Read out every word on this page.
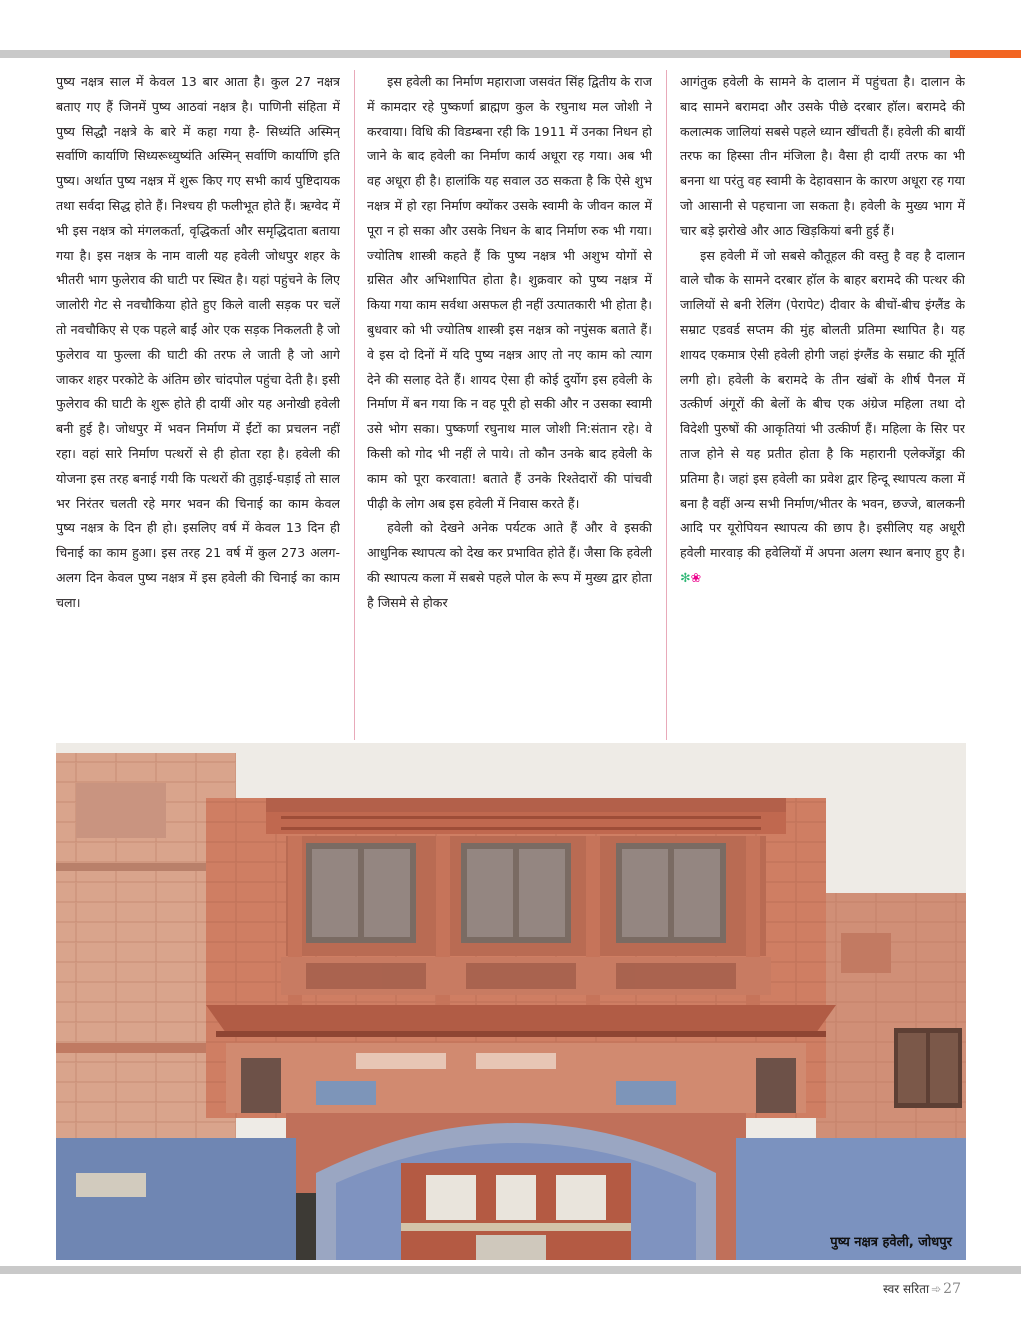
पुष्य नक्षत्र साल में केवल 13 बार आता है। कुल 27 नक्षत्र बताए गए हैं जिनमें पुष्य आठवां नक्षत्र है। पाणिनी संहिता में पुष्य सिद्धौ नक्षत्रे के बारे में कहा गया है- सिध्यंति अस्मिन् सर्वाणि कार्याणि सिध्यरूध्युष्यंति अस्मिन् सर्वाणि कार्याणि इति पुष्य। अर्थात पुष्य नक्षत्र में शुरू किए गए सभी कार्य पुष्टिदायक तथा सर्वदा सिद्ध होते हैं। निश्चय ही फलीभूत होते हैं। ऋग्वेद में भी इस नक्षत्र को मंगलकर्ता, वृद्धिकर्ता और समृद्धिदाता बताया गया है। इस नक्षत्र के नाम वाली यह हवेली जोधपुर शहर के भीतरी भाग फुलेराव की घाटी पर स्थित है। यहां पहुंचने के लिए जालोरी गेट से नवचौकिया होते हुए किले वाली सड़क पर चलें तो नवचौकिए से एक पहले बाईं ओर एक सड़क निकलती है जो फुलेराव या फुल्ला की घाटी की तरफ ले जाती है जो आगे जाकर शहर परकोटे के अंतिम छोर चांदपोल पहुंचा देती है। इसी फुलेराव की घाटी के शुरू होते ही दायीं ओर यह अनोखी हवेली बनी हुई है। जोधपुर में भवन निर्माण में ईंटों का प्रचलन नहीं रहा। वहां सारे निर्माण पत्थरों से ही होता रहा है। हवेली की योजना इस तरह बनाई गयी कि पत्थरों की तुड़ाई-घड़ाई तो साल भर निरंतर चलती रहे मगर भवन की चिनाई का काम केवल पुष्य नक्षत्र के दिन ही हो। इसलिए वर्ष में केवल 13 दिन ही चिनाई का काम हुआ। इस तरह 21 वर्ष में कुल 273 अलग-अलग दिन केवल पुष्य नक्षत्र में इस हवेली की चिनाई का काम चला।

इस हवेली का निर्माण महाराजा जसवंत सिंह द्वितीय के राज में कामदार रहे पुष्कर्णा ब्राह्मण कुल के रघुनाथ मल जोशी ने करवाया। विधि की विडम्बना रही कि 1911 में उनका निधन हो जाने के बाद हवेली का निर्माण कार्य अधूरा रह गया। अब भी वह अधूरा ही है। हालांकि यह सवाल उठ सकता है कि ऐसे शुभ नक्षत्र में हो रहा निर्माण क्योंकर उसके स्वामी के जीवन काल में पूरा न हो सका और उसके निधन के बाद निर्माण रुक भी गया। ज्योतिष शास्त्री कहते हैं कि पुष्य नक्षत्र भी अशुभ योगों से ग्रसित और अभिशापित होता है। शुक्रवार को पुष्य नक्षत्र में किया गया काम सर्वथा असफल ही नहीं उत्पातकारी भी होता है। बुधवार को भी ज्योतिष शास्त्री इस नक्षत्र को नपुंसक बताते हैं। वे इस दो दिनों में यदि पुष्य नक्षत्र आए तो नए काम को त्याग देने की सलाह देते हैं। शायद ऐसा ही कोई दुर्योग इस हवेली के निर्माण में बन गया कि न वह पूरी हो सकी और न उसका स्वामी उसे भोग सका। पुष्कर्णा रघुनाथ माल जोशी नि:संतान रहे। वे किसी को गोद भी नहीं ले पाये। तो कौन उनके बाद हवेली के काम को पूरा करवाता! बताते हैं उनके रिश्तेदारों की पांचवी पीढ़ी के लोग अब इस हवेली में निवास करते हैं।

हवेली को देखने अनेक पर्यटक आते हैं और वे इसकी आधुनिक स्थापत्य को देख कर प्रभावित होते हैं। जैसा कि हवेली की स्थापत्य कला में सबसे पहले पोल के रूप में मुख्य द्वार होता है जिसमे से होकर

आगंतुक हवेली के सामने के दालान में पहुंचता है। दालान के बाद सामने बरामदा और उसके पीछे दरबार हॉल। बरामदे की कलात्मक जालियां सबसे पहले ध्यान खींचती हैं। हवेली की बायीं तरफ का हिस्सा तीन मंजिला है। वैसा ही दायीं तरफ का भी बनना था परंतु वह स्वामी के देहावसान के कारण अधूरा रह गया जो आसानी से पहचाना जा सकता है। हवेली के मुख्य भाग में चार बड़े झरोखे और आठ खिड़कियां बनी हुई हैं।

इस हवेली में जो सबसे कौतूहल की वस्तु है वह है दालान वाले चौक के सामने दरबार हॉल के बाहर बरामदे की पत्थर की जालियों से बनी रेलिंग (पेरापेट) दीवार के बीचों-बीच इंग्लैंड के सम्राट एडवर्ड सप्तम की मुंह बोलती प्रतिमा स्थापित है। यह शायद एकमात्र ऐसी हवेली होगी जहां इंग्लैंड के सम्राट की मूर्ति लगी हो। हवेली के बरामदे के तीन खंबों के शीर्ष पैनल में उत्कीर्ण अंगूरों की बेलों के बीच एक अंग्रेज महिला तथा दो विदेशी पुरुषों की आकृतियां भी उत्कीर्ण हैं। महिला के सिर पर ताज होने से यह प्रतीत होता है कि महारानी एलेक्जेंड्रा की प्रतिमा है। जहां इस हवेली का प्रवेश द्वार हिन्दू स्थापत्य कला में बना है वहीं अन्य सभी निर्माण/भीतर के भवन, छज्जे, बालकनी आदि पर यूरोपियन स्थापत्य की छाप है। इसीलिए यह अधूरी हवेली मारवाड़ की हवेलियों में अपना अलग स्थान बनाए हुए है। ✻❀

पुष्य नक्षत्र हवेली, जोधपुर
स्वर सरिता ➾ 27
